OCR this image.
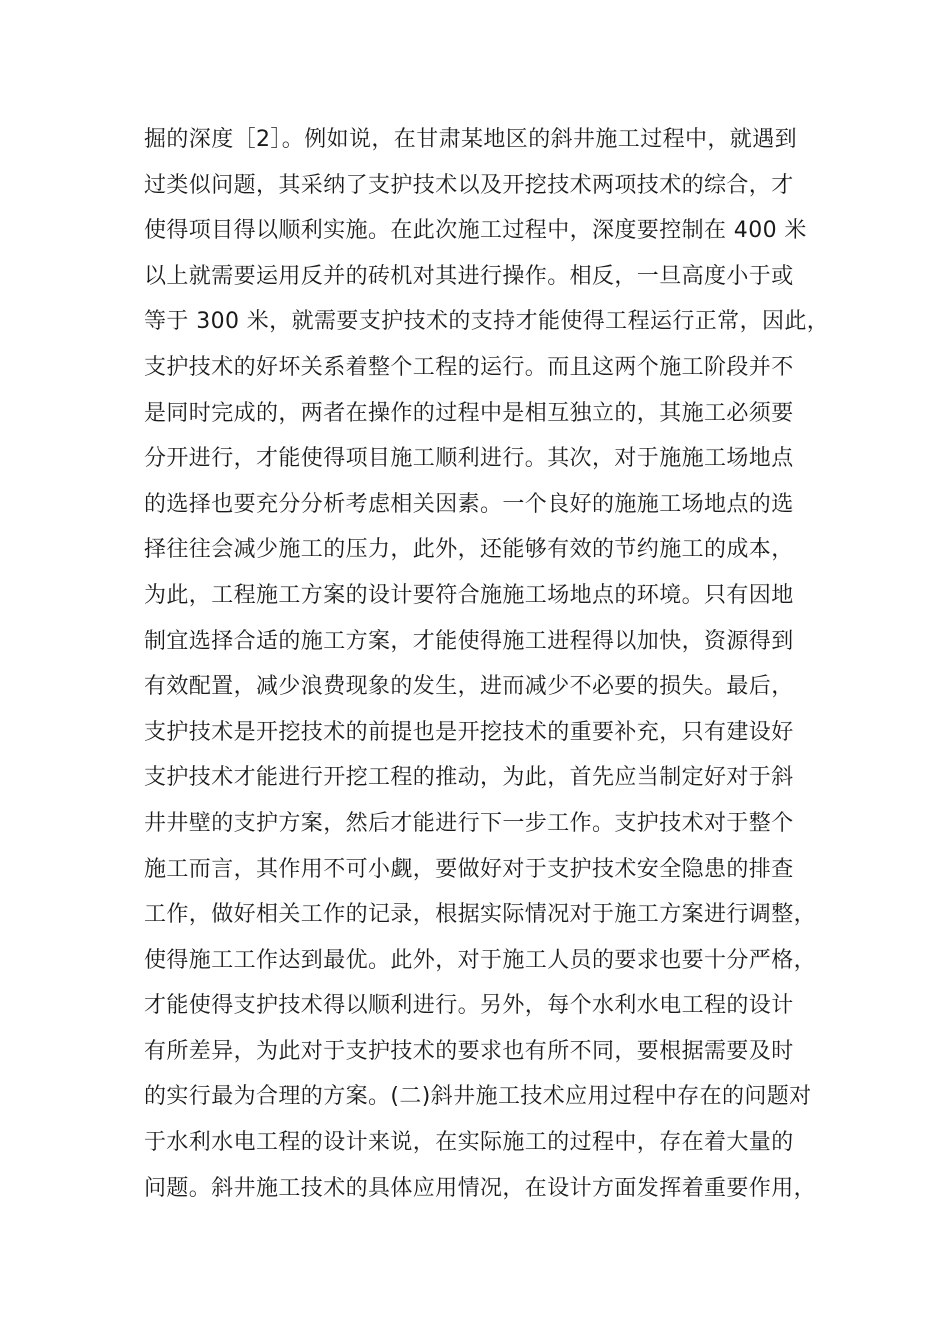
掘的深度［2］。例如说，在甘肃某地区的斜井施工过程中，就遇到
过类似问题，其采纳了支护技术以及开挖技术两项技术的综合，才
使得项目得以顺利实施。在此次施工过程中，深度要控制在 400 米
以上就需要运用反并的砖机对其进行操作。相反，一旦高度小于或
等于 300 米，就需要支护技术的支持才能使得工程运行正常，因此，
支护技术的好坏关系着整个工程的运行。而且这两个施工阶段并不
是同时完成的，两者在操作的过程中是相互独立的，其施工必须要
分开进行，才能使得项目施工顺利进行。其次，对于施施工场地点
的选择也要充分分析考虑相关因素。一个良好的施施工场地点的选
择往往会减少施工的压力，此外，还能够有效的节约施工的成本，
为此，工程施工方案的设计要符合施施工场地点的环境。只有因地
制宜选择合适的施工方案，才能使得施工进程得以加快，资源得到
有效配置，减少浪费现象的发生，进而减少不必要的损失。最后，
支护技术是开挖技术的前提也是开挖技术的重要补充，只有建设好
支护技术才能进行开挖工程的推动，为此，首先应当制定好对于斜
井井壁的支护方案，然后才能进行下一步工作。支护技术对于整个
施工而言，其作用不可小觑，要做好对于支护技术安全隐患的排查
工作，做好相关工作的记录，根据实际情况对于施工方案进行调整，
使得施工工作达到最优。此外，对于施工人员的要求也要十分严格，
才能使得支护技术得以顺利进行。另外，每个水利水电工程的设计
有所差异，为此对于支护技术的要求也有所不同，要根据需要及时
的实行最为合理的方案。(二)斜井施工技术应用过程中存在的问题对
于水利水电工程的设计来说，在实际施工的过程中，存在着大量的
问题。斜井施工技术的具体应用情况，在设计方面发挥着重要作用，
